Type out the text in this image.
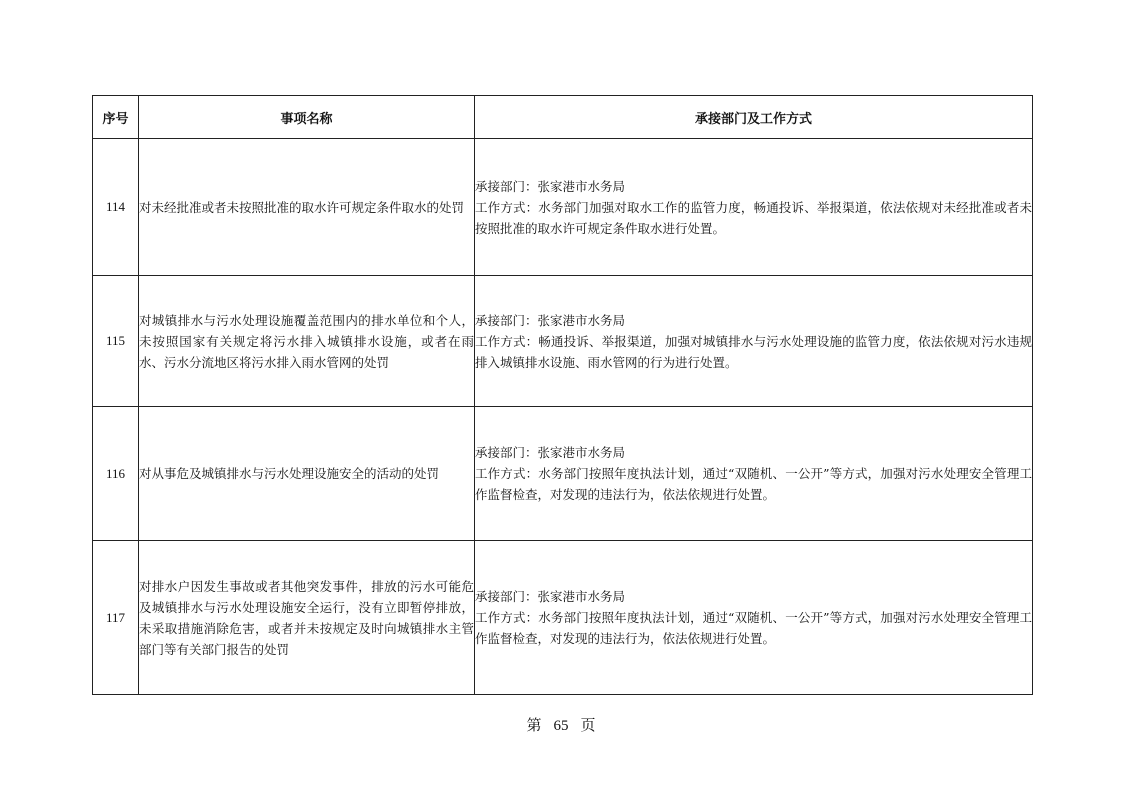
序号	事项名称	承接部门及工作方式
114	对未经批准或者未按照批准的取水许可规定条件取水的处罚	承接部门：张家港市水务局
工作方式：水务部门加强对取水工作的监管力度，畅通投诉、举报渠道，依法依规对未经批准或者未按照批准的取水许可规定条件取水进行处置。

115	对城镇排水与污水处理设施覆盖范围内的排水单位和个人，未按照国家有关规定将污水排入城镇排水设施，或者在雨水、污水分流地区将污水排入雨水管网的处罚	承接部门：张家港市水务局
工作方式：畅通投诉、举报渠道，加强对城镇排水与污水处理设施的监管力度，依法依规对污水违规排入城镇排水设施、雨水管网的行为进行处置。

116	对从事危及城镇排水与污水处理设施安全的活动的处罚	承接部门：张家港市水务局
工作方式：水务部门按照年度执法计划，通过“双随机、一公开”等方式，加强对污水处理安全管理工作监督检查，对发现的违法行为，依法依规进行处置。

117	对排水户因发生事故或者其他突发事件，排放的污水可能危及城镇排水与污水处理设施安全运行，没有立即暂停排放，未采取措施消除危害，或者并未按规定及时向城镇排水主管部门等有关部门报告的处罚	承接部门：张家港市水务局
工作方式：水务部门按照年度执法计划，通过“双随机、一公开”等方式，加强对污水处理安全管理工作监督检查，对发现的违法行为，依法依规进行处置。
第 65 页
